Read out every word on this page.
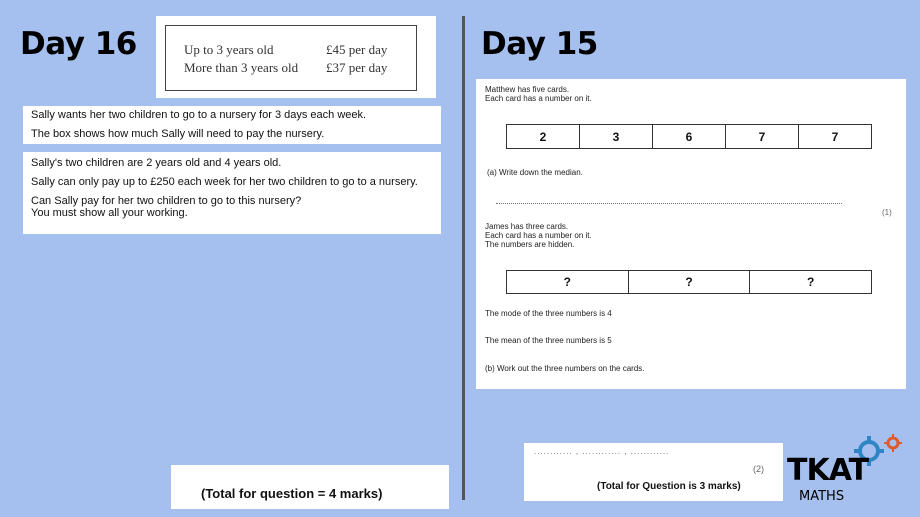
Day 16	Up to 3 years old	£45 per day
More than 3 years old £37 per day
Sally wants her two children to go to a nursery for 3 days each week.
The box shows how much Sally will need to pay the nursery.
Sally's two children are 2 years old and 4 years old.
Sally can only pay up to £250 each week for her two children to go to a nursery.
Can Sally pay for her two children to go to this nursery?
You must show all your working.
(Total for question = 4 marks)
Day 15
Matthew has five cards.
Each card has a number on it.
2	3	6	7	7
(a) Write down the median.
(1)
James has three cards.
Each card has a number on it.
The numbers are hidden.
?	?	?
The mode of the three numbers is 4
The mean of the three numbers is 5
(b) Work out the three numbers on the cards.
............ , ............ , ............
(2)
(Total for Question is 3 marks) TKAT
MATHS
